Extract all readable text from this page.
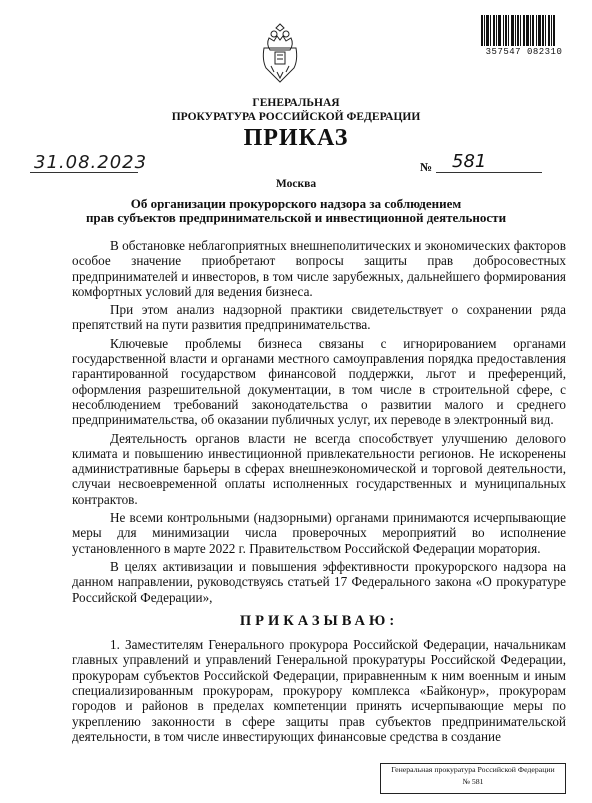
357547 082310
ГЕНЕРАЛЬНАЯ
ПРОКУРАТУРА РОССИЙСКОЙ ФЕДЕРАЦИИ
ПРИКАЗ
31.08.2023	№ 581
Москва
Об организации прокурорского надзора за соблюдением
прав субъектов предпринимательской и инвестиционной деятельности

В обстановке неблагоприятных внешнеполитических и экономических факторов особое значение приобретают вопросы защиты прав добросовестных предпринимателей и инвесторов, в том числе зарубежных, дальнейшего формирования комфортных условий для ведения бизнеса.

При этом анализ надзорной практики свидетельствует о сохранении ряда препятствий на пути развития предпринимательства.

Ключевые проблемы бизнеса связаны с игнорированием органами государственной власти и органами местного самоуправления порядка предоставления гарантированной государством финансовой поддержки, льгот и преференций, оформления разрешительной документации, в том числе в строительной сфере, с несоблюдением требований законодательства о развитии малого и среднего предпринимательства, об оказании публичных услуг, их переводе в электронный вид.

Деятельность органов власти не всегда способствует улучшению делового климата и повышению инвестиционной привлекательности регионов. Не искоренены административные барьеры в сферах внешнеэкономической и торговой деятельности, случаи несвоевременной оплаты исполненных государственных и муниципальных контрактов.

Не всеми контрольными (надзорными) органами принимаются исчерпывающие меры для минимизации числа проверочных мероприятий во исполнение установленного в марте 2022 г. Правительством Российской Федерации моратория.

В целях активизации и повышения эффективности прокурорского надзора на данном направлении, руководствуясь статьей 17 Федерального закона «О прокуратуре Российской Федерации»,

ПРИКАЗЫВАЮ:

1. Заместителям Генерального прокурора Российской Федерации, начальникам главных управлений и управлений Генеральной прокуратуры Российской Федерации, прокурорам субъектов Российской Федерации, приравненным к ним военным и иным специализированным прокурорам, прокурору комплекса «Байконур», прокурорам городов и районов в пределах компетенции принять исчерпывающие меры по укреплению законности в сфере защиты прав субъектов предпринимательской деятельности, в том числе инвестирующих финансовые средства в создание

Генеральная прокуратура Российской Федерации
№ 581
